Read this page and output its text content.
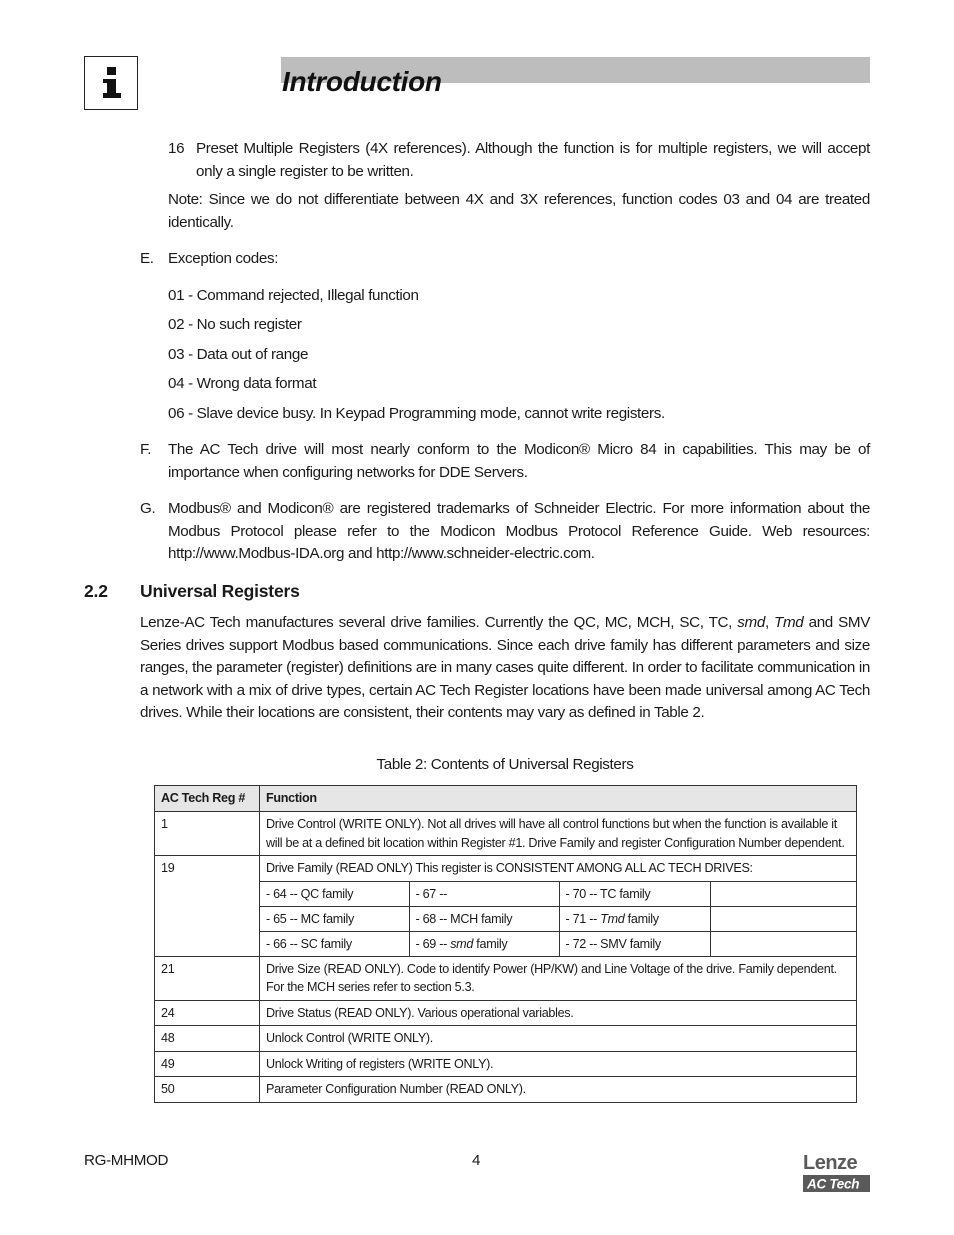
Introduction
16 Preset Multiple Registers (4X references). Although the function is for multiple registers, we will accept only a single register to be written.
Note: Since we do not differentiate between 4X and 3X references, function codes 03 and 04 are treated identically.
E. Exception codes:
01 - Command rejected, Illegal function
02 - No such register
03 - Data out of range
04 - Wrong data format
06 - Slave device busy. In Keypad Programming mode, cannot write registers.
F. The AC Tech drive will most nearly conform to the Modicon® Micro 84 in capabilities. This may be of importance when configuring networks for DDE Servers.
G. Modbus® and Modicon® are registered trademarks of Schneider Electric. For more information about the Modbus Protocol please refer to the Modicon Modbus Protocol Reference Guide. Web resources: http://www.Modbus-IDA.org and http://www.schneider-electric.com.
2.2 Universal Registers
Lenze-AC Tech manufactures several drive families. Currently the QC, MC, MCH, SC, TC, smd, Tmd and SMV Series drives support Modbus based communications. Since each drive family has different parameters and size ranges, the parameter (register) definitions are in many cases quite different. In order to facilitate communication in a network with a mix of drive types, certain AC Tech Register locations have been made universal among AC Tech drives. While their locations are consistent, their contents may vary as defined in Table 2.
Table 2: Contents of Universal Registers
AC Tech Reg #	Function
1	Drive Control (WRITE ONLY). Not all drives will have all control functions but when the function is available it will be at a defined bit location within Register #1. Drive Family and register Configuration Number dependent.
19	Drive Family (READ ONLY) This register is CONSISTENT AMONG ALL AC TECH DRIVES:
- 64 -- QC family	- 67 --	- 70 -- TC family	
- 65 -- MC family	- 68 -- MCH family	- 71 -- Tmd family	
- 66 -- SC family	- 69 -- smd family	- 72 -- SMV family	

21	Drive Size (READ ONLY). Code to identify Power (HP/KW) and Line Voltage of the drive. Family dependent. For the MCH series refer to section 5.3.
24	Drive Status (READ ONLY). Various operational variables.
48	Unlock Control (WRITE ONLY).
49	Unlock Writing of registers (WRITE ONLY).
50	Parameter Configuration Number (READ ONLY).
RG-MHMOD	4	Lenze
AC Tech
